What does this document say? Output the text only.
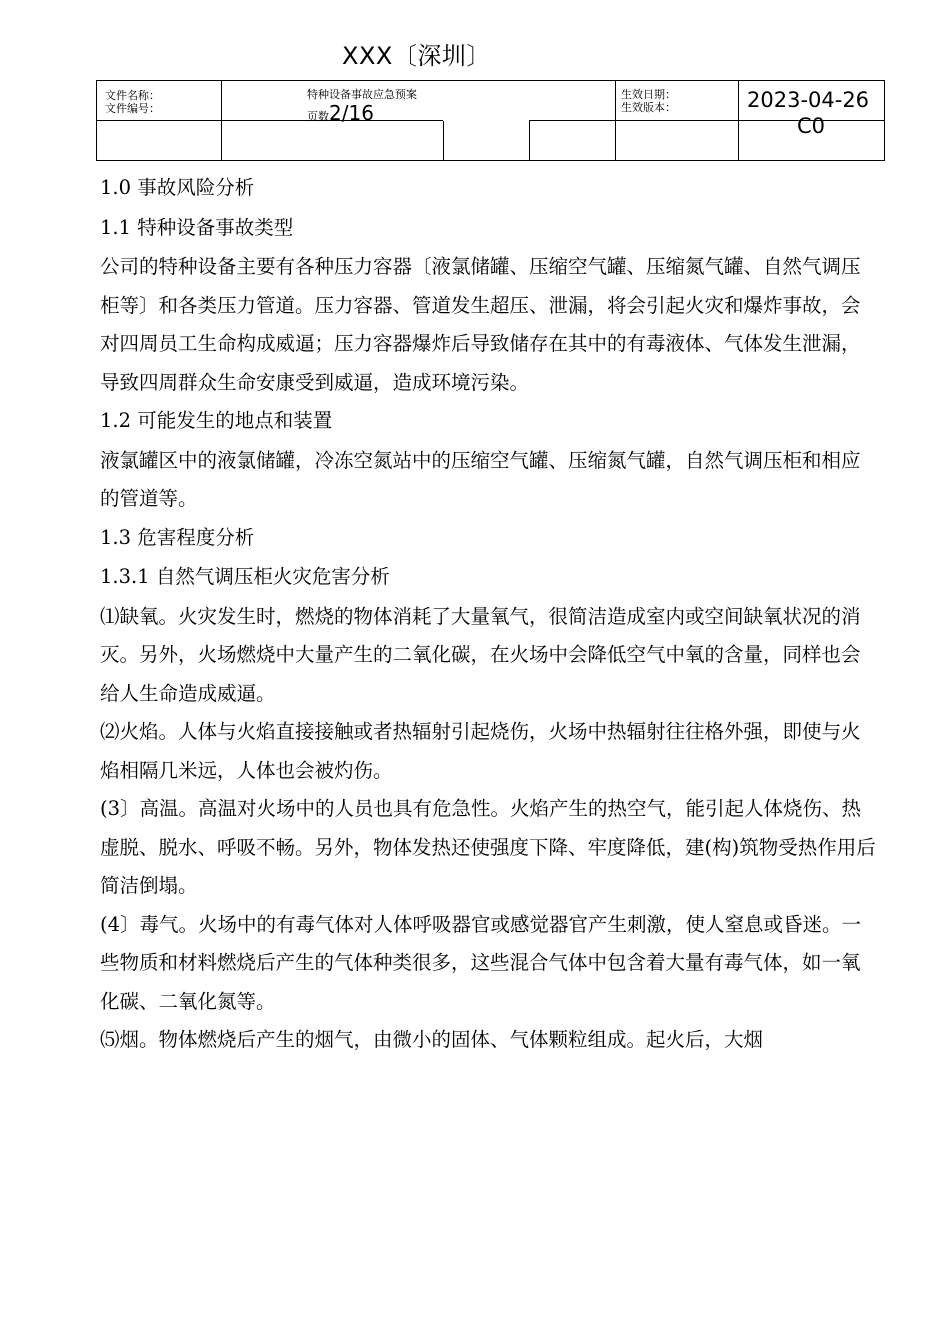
XXX〔深圳〕
文件名称：
文件编号：
特种设备事故应急预案
页数2/16
生效日期：
生效版本：	2023-04-26
C0

1.0 事故风险分析

1.1 特种设备事故类型

公司的特种设备主要有各种压力容器〔液氯储罐、压缩空气罐、压缩氮气罐、自然气调压柜等〕和各类压力管道。压力容器、管道发生超压、泄漏，将会引起火灾和爆炸事故，会对四周员工生命构成威逼；压力容器爆炸后导致储存在其中的有毒液体、气体发生泄漏，导致四周群众生命安康受到威逼，造成环境污染。

1.2 可能发生的地点和装置

液氯罐区中的液氯储罐，冷冻空氮站中的压缩空气罐、压缩氮气罐，自然气调压柜和相应的管道等。

1.3 危害程度分析

1.3.1 自然气调压柜火灾危害分析

⑴缺氧。火灾发生时，燃烧的物体消耗了大量氧气，很简洁造成室内或空间缺氧状况的消灭。另外，火场燃烧中大量产生的二氧化碳，在火场中会降低空气中氧的含量，同样也会给人生命造成威逼。

⑵火焰。人体与火焰直接接触或者热辐射引起烧伤，火场中热辐射往往格外强，即使与火焰相隔几米远，人体也会被灼伤。

(3〕高温。高温对火场中的人员也具有危急性。火焰产生的热空气，能引起人体烧伤、热虚脱、脱水、呼吸不畅。另外，物体发热还使强度下降、牢度降低，建(构)筑物受热作用后简洁倒塌。

(4〕毒气。火场中的有毒气体对人体呼吸器官或感觉器官产生刺激，使人窒息或昏迷。一些物质和材料燃烧后产生的气体种类很多，这些混合气体中包含着大量有毒气体，如一氧化碳、二氧化氮等。

⑸烟。物体燃烧后产生的烟气，由微小的固体、气体颗粒组成。起火后，大烟
